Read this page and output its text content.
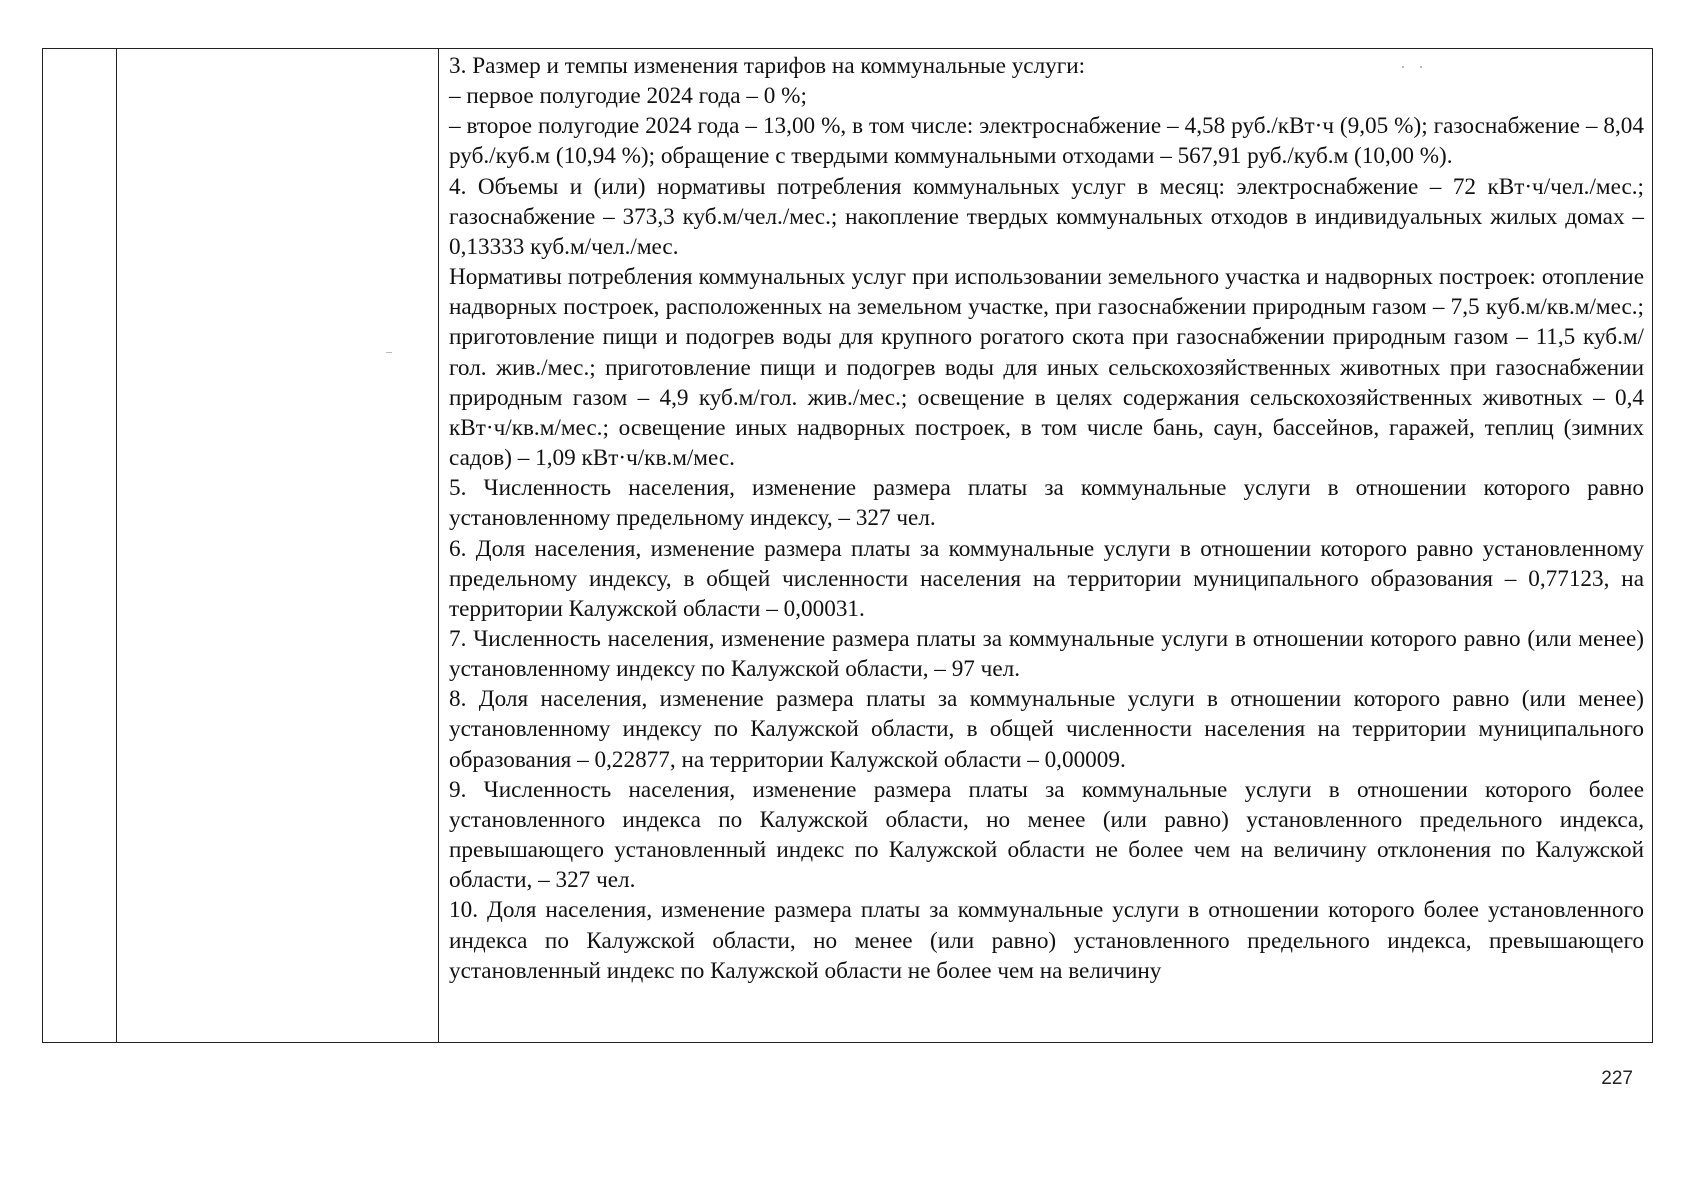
3. Размер и темпы изменения тарифов на коммунальные услуги:

– первое полугодие 2024 года – 0 %;

– второе полугодие 2024 года – 13,00 %, в том числе: электроснабжение – 4,58 руб./кВт·ч (9,05 %); газоснабжение – 8,04 руб./куб.м (10,94 %); обращение с твердыми коммунальными отходами – 567,91 руб./куб.м (10,00 %).

4. Объемы и (или) нормативы потребления коммунальных услуг в месяц: электроснабжение – 72 кВт·ч/чел./мес.; газоснабжение – 373,3 куб.м/чел./мес.; накопление твердых коммунальных отходов в индивидуальных жилых домах – 0,13333 куб.м/чел./мес.

Нормативы потребления коммунальных услуг при использовании земельного участка и надворных построек: отопление надворных построек, расположенных на земельном участке, при газоснабжении природным газом – 7,5 куб.м/кв.м/мес.; приготовление пищи и подогрев воды для крупного рогатого скота при газоснабжении природным газом – 11,5 куб.м/гол. жив./мес.; приготовление пищи и подогрев воды для иных сельскохозяйственных животных при газоснабжении природным газом – 4,9 куб.м/гол. жив./мес.; освещение в целях содержания сельскохозяйственных животных – 0,4 кВт·ч/кв.м/мес.; освещение иных надворных построек, в том числе бань, саун, бассейнов, гаражей, теплиц (зимних садов) – 1,09 кВт·ч/кв.м/мес.

5. Численность населения, изменение размера платы за коммунальные услуги в отношении которого равно установленному предельному индексу, – 327 чел.

6. Доля населения, изменение размера платы за коммунальные услуги в отношении которого равно установленному предельному индексу, в общей численности населения на территории муниципального образования – 0,77123, на территории Калужской области – 0,00031.

7. Численность населения, изменение размера платы за коммунальные услуги в отношении которого равно (или менее) установленному индексу по Калужской области, – 97 чел.

8. Доля населения, изменение размера платы за коммунальные услуги в отношении которого равно (или менее) установленному индексу по Калужской области, в общей численности населения на территории муниципального образования – 0,22877, на территории Калужской области – 0,00009.

9. Численность населения, изменение размера платы за коммунальные услуги в отношении которого более установленного индекса по Калужской области, но менее (или равно) установленного предельного индекса, превышающего установленный индекс по Калужской области не более чем на величину отклонения по Калужской области, – 327 чел.

10. Доля населения, изменение размера платы за коммунальные услуги в отношении которого более установленного индекса по Калужской области, но менее (или равно) установленного предельного индекса, превышающего установленный индекс по Калужской области не более чем на величину

227
